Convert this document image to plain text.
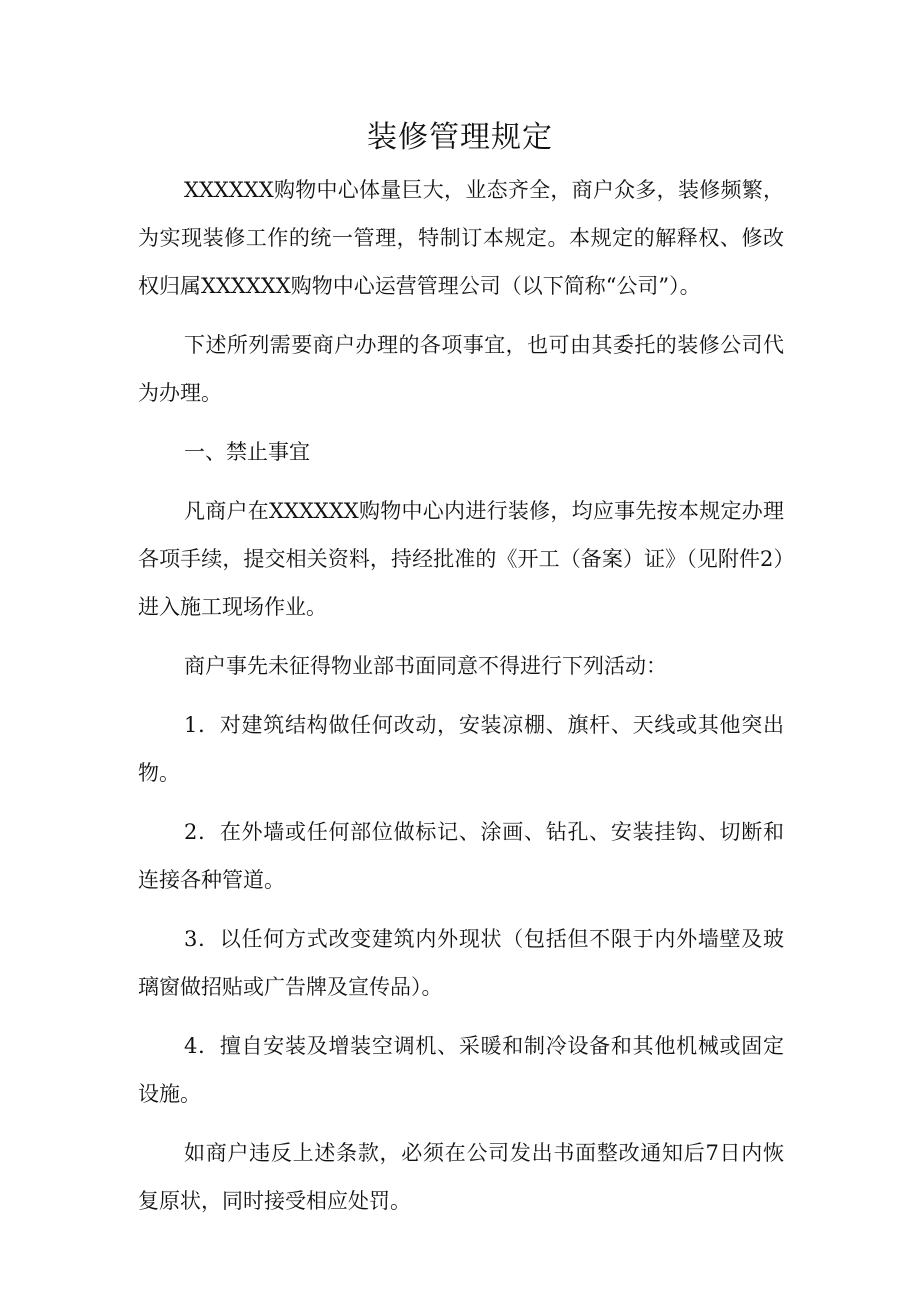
装修管理规定

XXXXXX购物中心体量巨大，业态齐全，商户众多，装修频繁，为实现装修工作的统一管理，特制订本规定。本规定的解释权、修改权归属XXXXXX购物中心运营管理公司（以下简称“公司”）。

下述所列需要商户办理的各项事宜，也可由其委托的装修公司代为办理。

一、禁止事宜

凡商户在XXXXXX购物中心内进行装修，均应事先按本规定办理各项手续，提交相关资料，持经批准的《开工（备案）证》（见附件2）进入施工现场作业。

商户事先未征得物业部书面同意不得进行下列活动：

1．对建筑结构做任何改动，安装凉棚、旗杆、天线或其他突出物。

2．在外墙或任何部位做标记、涂画、钻孔、安装挂钩、切断和连接各种管道。

3．以任何方式改变建筑内外现状（包括但不限于内外墙壁及玻璃窗做招贴或广告牌及宣传品）。

4．擅自安装及增装空调机、采暖和制冷设备和其他机械或固定设施。

如商户违反上述条款，必须在公司发出书面整改通知后7日内恢复原状，同时接受相应处罚。
